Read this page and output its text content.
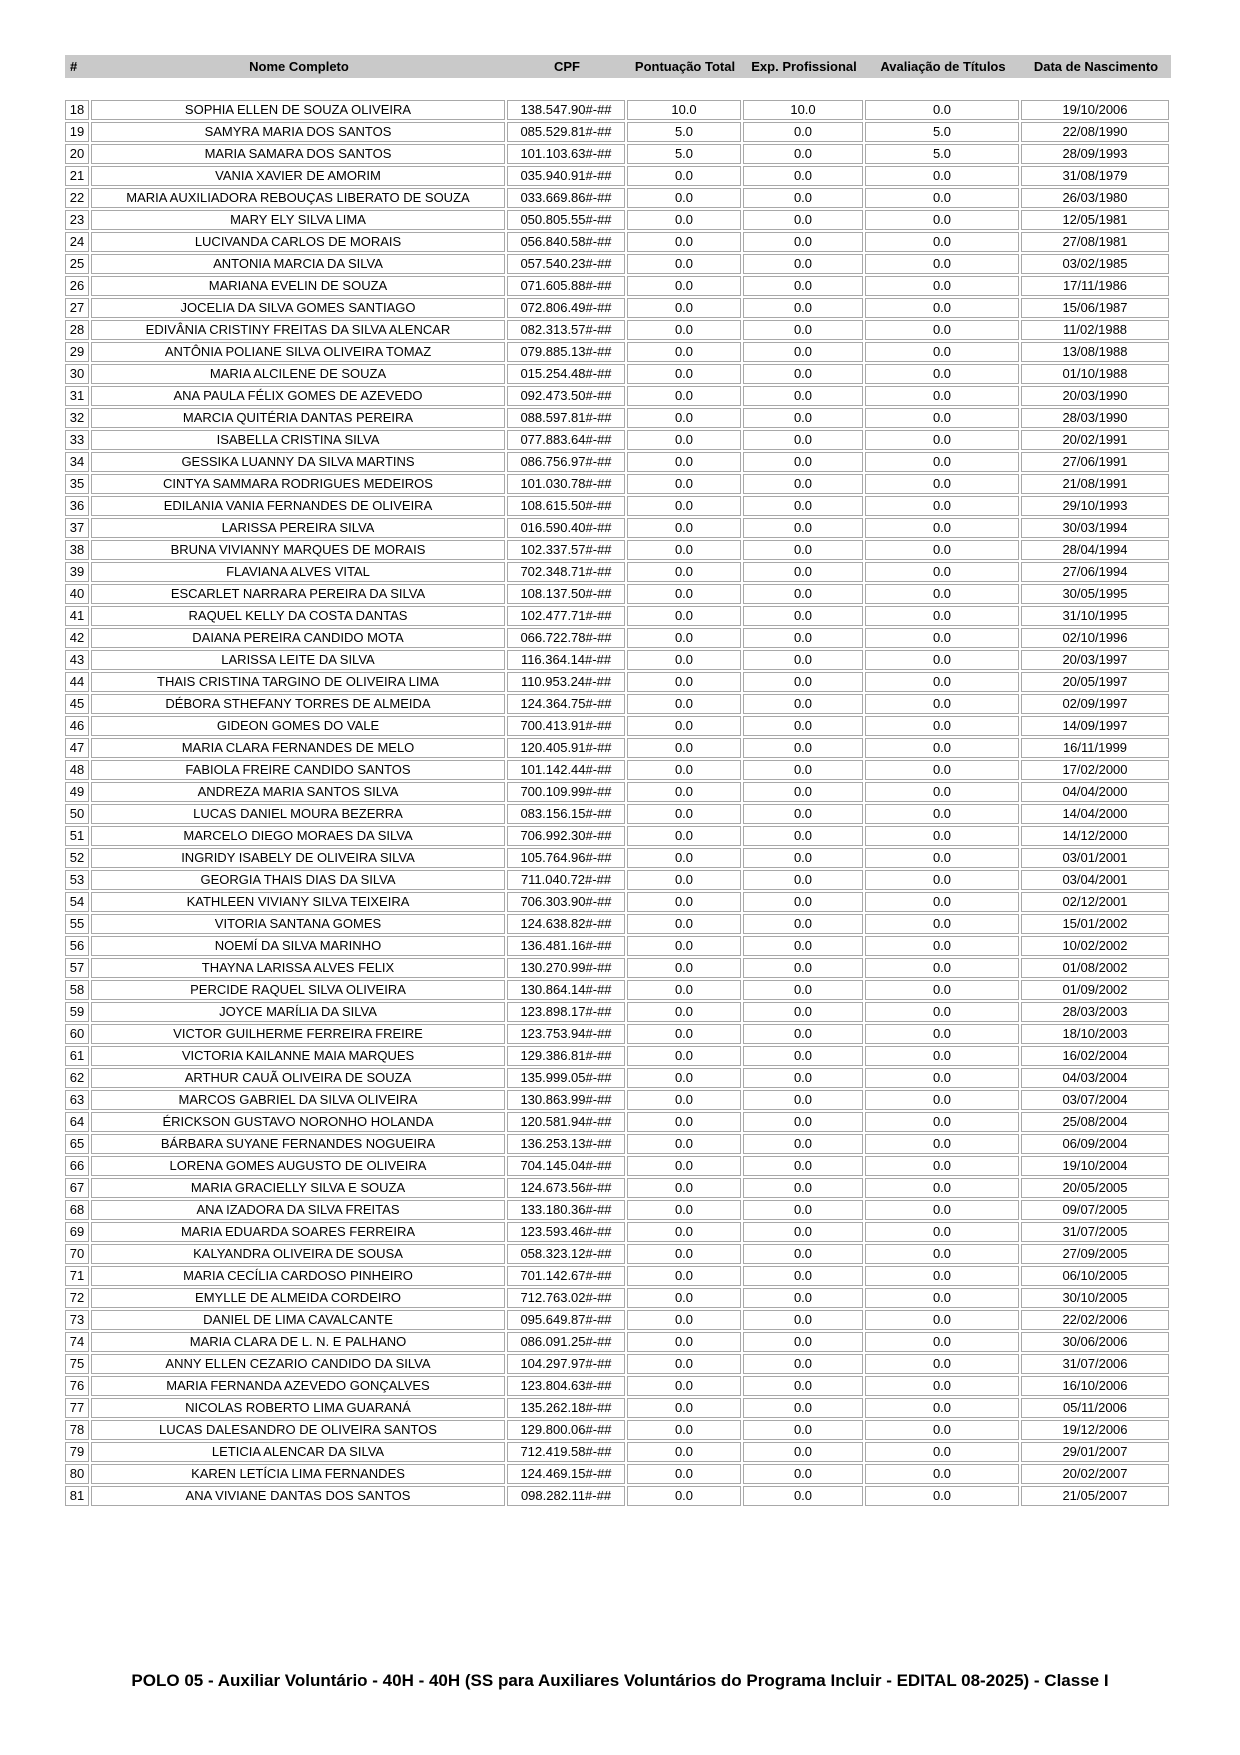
#	Nome Completo	CPF	Pontuação Total	Exp. Profissional	Avaliação de Títulos	Data de Nascimento
18	SOPHIA ELLEN DE SOUZA OLIVEIRA	138.547.90#-##	10.0	10.0	0.0	19/10/2006
19	SAMYRA MARIA DOS SANTOS	085.529.81#-##	5.0	0.0	5.0	22/08/1990
20	MARIA SAMARA DOS SANTOS	101.103.63#-##	5.0	0.0	5.0	28/09/1993
21	VANIA XAVIER DE AMORIM	035.940.91#-##	0.0	0.0	0.0	31/08/1979
22	MARIA AUXILIADORA REBOUÇAS LIBERATO DE SOUZA	033.669.86#-##	0.0	0.0	0.0	26/03/1980
23	MARY ELY SILVA LIMA	050.805.55#-##	0.0	0.0	0.0	12/05/1981
24	LUCIVANDA CARLOS DE MORAIS	056.840.58#-##	0.0	0.0	0.0	27/08/1981
25	ANTONIA MARCIA DA SILVA	057.540.23#-##	0.0	0.0	0.0	03/02/1985
26	MARIANA EVELIN DE SOUZA	071.605.88#-##	0.0	0.0	0.0	17/11/1986
27	JOCELIA DA SILVA GOMES SANTIAGO	072.806.49#-##	0.0	0.0	0.0	15/06/1987
28	EDIVÂNIA CRISTINY FREITAS DA SILVA ALENCAR	082.313.57#-##	0.0	0.0	0.0	11/02/1988
29	ANTÔNIA POLIANE SILVA OLIVEIRA TOMAZ	079.885.13#-##	0.0	0.0	0.0	13/08/1988
30	MARIA ALCILENE DE SOUZA	015.254.48#-##	0.0	0.0	0.0	01/10/1988
31	ANA PAULA FÉLIX GOMES DE AZEVEDO	092.473.50#-##	0.0	0.0	0.0	20/03/1990
32	MARCIA QUITÉRIA DANTAS PEREIRA	088.597.81#-##	0.0	0.0	0.0	28/03/1990
33	ISABELLA CRISTINA SILVA	077.883.64#-##	0.0	0.0	0.0	20/02/1991
34	GESSIKA LUANNY DA SILVA MARTINS	086.756.97#-##	0.0	0.0	0.0	27/06/1991
35	CINTYA SAMMARA RODRIGUES MEDEIROS	101.030.78#-##	0.0	0.0	0.0	21/08/1991
36	EDILANIA VANIA FERNANDES DE OLIVEIRA	108.615.50#-##	0.0	0.0	0.0	29/10/1993
37	LARISSA PEREIRA SILVA	016.590.40#-##	0.0	0.0	0.0	30/03/1994
38	BRUNA VIVIANNY MARQUES DE MORAIS	102.337.57#-##	0.0	0.0	0.0	28/04/1994
39	FLAVIANA ALVES VITAL	702.348.71#-##	0.0	0.0	0.0	27/06/1994
40	ESCARLET NARRARA PEREIRA DA SILVA	108.137.50#-##	0.0	0.0	0.0	30/05/1995
41	RAQUEL KELLY DA COSTA DANTAS	102.477.71#-##	0.0	0.0	0.0	31/10/1995
42	DAIANA PEREIRA CANDIDO MOTA	066.722.78#-##	0.0	0.0	0.0	02/10/1996
43	LARISSA LEITE DA SILVA	116.364.14#-##	0.0	0.0	0.0	20/03/1997
44	THAIS CRISTINA TARGINO DE OLIVEIRA LIMA	110.953.24#-##	0.0	0.0	0.0	20/05/1997
45	DÉBORA STHEFANY TORRES DE ALMEIDA	124.364.75#-##	0.0	0.0	0.0	02/09/1997
46	GIDEON GOMES DO VALE	700.413.91#-##	0.0	0.0	0.0	14/09/1997
47	MARIA CLARA FERNANDES DE MELO	120.405.91#-##	0.0	0.0	0.0	16/11/1999
48	FABIOLA FREIRE CANDIDO SANTOS	101.142.44#-##	0.0	0.0	0.0	17/02/2000
49	ANDREZA MARIA SANTOS SILVA	700.109.99#-##	0.0	0.0	0.0	04/04/2000
50	LUCAS DANIEL MOURA BEZERRA	083.156.15#-##	0.0	0.0	0.0	14/04/2000
51	MARCELO DIEGO MORAES DA SILVA	706.992.30#-##	0.0	0.0	0.0	14/12/2000
52	INGRIDY ISABELY DE OLIVEIRA SILVA	105.764.96#-##	0.0	0.0	0.0	03/01/2001
53	GEORGIA THAIS DIAS DA SILVA	711.040.72#-##	0.0	0.0	0.0	03/04/2001
54	KATHLEEN VIVIANY SILVA TEIXEIRA	706.303.90#-##	0.0	0.0	0.0	02/12/2001
55	VITORIA SANTANA GOMES	124.638.82#-##	0.0	0.0	0.0	15/01/2002
56	NOEMÍ DA SILVA MARINHO	136.481.16#-##	0.0	0.0	0.0	10/02/2002
57	THAYNA LARISSA ALVES FELIX	130.270.99#-##	0.0	0.0	0.0	01/08/2002
58	PERCIDE RAQUEL SILVA OLIVEIRA	130.864.14#-##	0.0	0.0	0.0	01/09/2002
59	JOYCE MARÍLIA DA SILVA	123.898.17#-##	0.0	0.0	0.0	28/03/2003
60	VICTOR GUILHERME FERREIRA FREIRE	123.753.94#-##	0.0	0.0	0.0	18/10/2003
61	VICTORIA KAILANNE MAIA MARQUES	129.386.81#-##	0.0	0.0	0.0	16/02/2004
62	ARTHUR CAUÃ OLIVEIRA DE SOUZA	135.999.05#-##	0.0	0.0	0.0	04/03/2004
63	MARCOS GABRIEL DA SILVA OLIVEIRA	130.863.99#-##	0.0	0.0	0.0	03/07/2004
64	ÉRICKSON GUSTAVO NORONHO HOLANDA	120.581.94#-##	0.0	0.0	0.0	25/08/2004
65	BÁRBARA SUYANE FERNANDES NOGUEIRA	136.253.13#-##	0.0	0.0	0.0	06/09/2004
66	LORENA GOMES AUGUSTO DE OLIVEIRA	704.145.04#-##	0.0	0.0	0.0	19/10/2004
67	MARIA GRACIELLY SILVA E SOUZA	124.673.56#-##	0.0	0.0	0.0	20/05/2005
68	ANA IZADORA DA SILVA FREITAS	133.180.36#-##	0.0	0.0	0.0	09/07/2005
69	MARIA EDUARDA SOARES FERREIRA	123.593.46#-##	0.0	0.0	0.0	31/07/2005
70	KALYANDRA OLIVEIRA DE SOUSA	058.323.12#-##	0.0	0.0	0.0	27/09/2005
71	MARIA CECÍLIA CARDOSO PINHEIRO	701.142.67#-##	0.0	0.0	0.0	06/10/2005
72	EMYLLE DE ALMEIDA CORDEIRO	712.763.02#-##	0.0	0.0	0.0	30/10/2005
73	DANIEL DE LIMA CAVALCANTE	095.649.87#-##	0.0	0.0	0.0	22/02/2006
74	MARIA CLARA DE L. N. E PALHANO	086.091.25#-##	0.0	0.0	0.0	30/06/2006
75	ANNY ELLEN CEZARIO CANDIDO DA SILVA	104.297.97#-##	0.0	0.0	0.0	31/07/2006
76	MARIA FERNANDA AZEVEDO GONÇALVES	123.804.63#-##	0.0	0.0	0.0	16/10/2006
77	NICOLAS ROBERTO LIMA GUARANÁ	135.262.18#-##	0.0	0.0	0.0	05/11/2006
78	LUCAS DALESANDRO DE OLIVEIRA SANTOS	129.800.06#-##	0.0	0.0	0.0	19/12/2006
79	LETICIA ALENCAR DA SILVA	712.419.58#-##	0.0	0.0	0.0	29/01/2007
80	KAREN LETÍCIA LIMA FERNANDES	124.469.15#-##	0.0	0.0	0.0	20/02/2007
81	ANA VIVIANE DANTAS DOS SANTOS	098.282.11#-##	0.0	0.0	0.0	21/05/2007
POLO 05 - Auxiliar Voluntário - 40H - 40H (SS para Auxiliares Voluntários do Programa Incluir - EDITAL 08-2025) - Classe I
